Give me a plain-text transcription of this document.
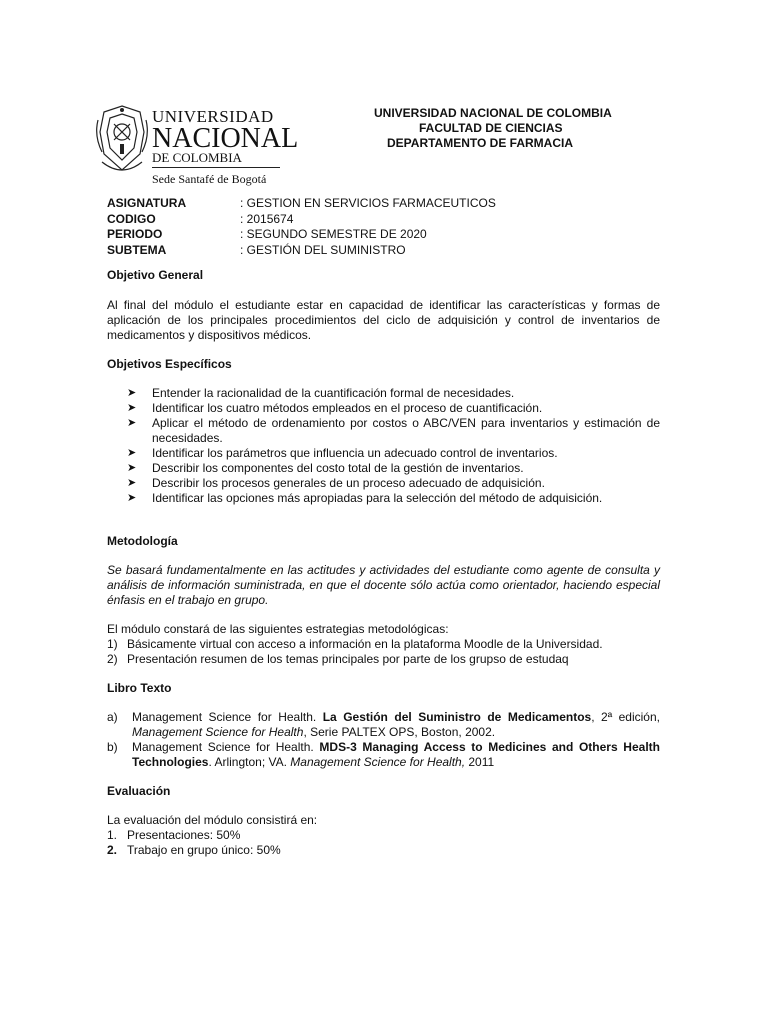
UNIVERSIDAD
NACIONAL
DE COLOMBIA
Sede Santafé de Bogotá
UNIVERSIDAD NACIONAL DE COLOMBIA
FACULTAD DE CIENCIAS
DEPARTAMENTO DE FARMACIA
ASIGNATURA	: GESTION EN SERVICIOS FARMACEUTICOS
CODIGO	: 2015674
PERIODO	: SEGUNDO SEMESTRE DE 2020
SUBTEMA	: GESTIÓN DEL SUMINISTRO
Objetivo General

Al final del módulo el estudiante estar en capacidad de identificar las características y formas de aplicación de los principales procedimientos del ciclo de adquisición y control de inventarios de medicamentos y dispositivos médicos.

Objetivos Específicos
➤ Entender la racionalidad de la cuantificación formal de necesidades.
➤ Identificar los cuatro métodos empleados en el proceso de cuantificación.
➤ Aplicar el método de ordenamiento por costos o ABC/VEN para inventarios y estimación de necesidades.
➤ Identificar los parámetros que influencia un adecuado control de inventarios.
➤ Describir los componentes del costo total de la gestión de inventarios.
➤ Describir los procesos generales de un proceso adecuado de adquisición.
➤ Identificar las opciones más apropiadas para la selección del método de adquisición.
Metodología

Se basará fundamentalmente en las actitudes y actividades del estudiante como agente de consulta y análisis de información suministrada, en que el docente sólo actúa como orientador, haciendo especial énfasis en el trabajo en grupo.

El módulo constará de las siguientes estrategias metodológicas:

1) Básicamente virtual con acceso a información en la plataforma Moodle de la Universidad.
2) Presentación resumen de los temas principales por parte de los grupso de estudaq
Libro Texto
a)	Management Science for Health. La Gestión del Suministro de Medicamentos, 2ª edición, Management Science for Health, Serie PALTEX OPS, Boston, 2002.
b)	Management Science for Health. MDS-3 Managing Access to Medicines and Others Health Technologies. Arlington; VA. Management Science for Health, 2011
Evaluación

La evaluación del módulo consistirá en:

1. Presentaciones: 50%
2. Trabajo en grupo único: 50%
